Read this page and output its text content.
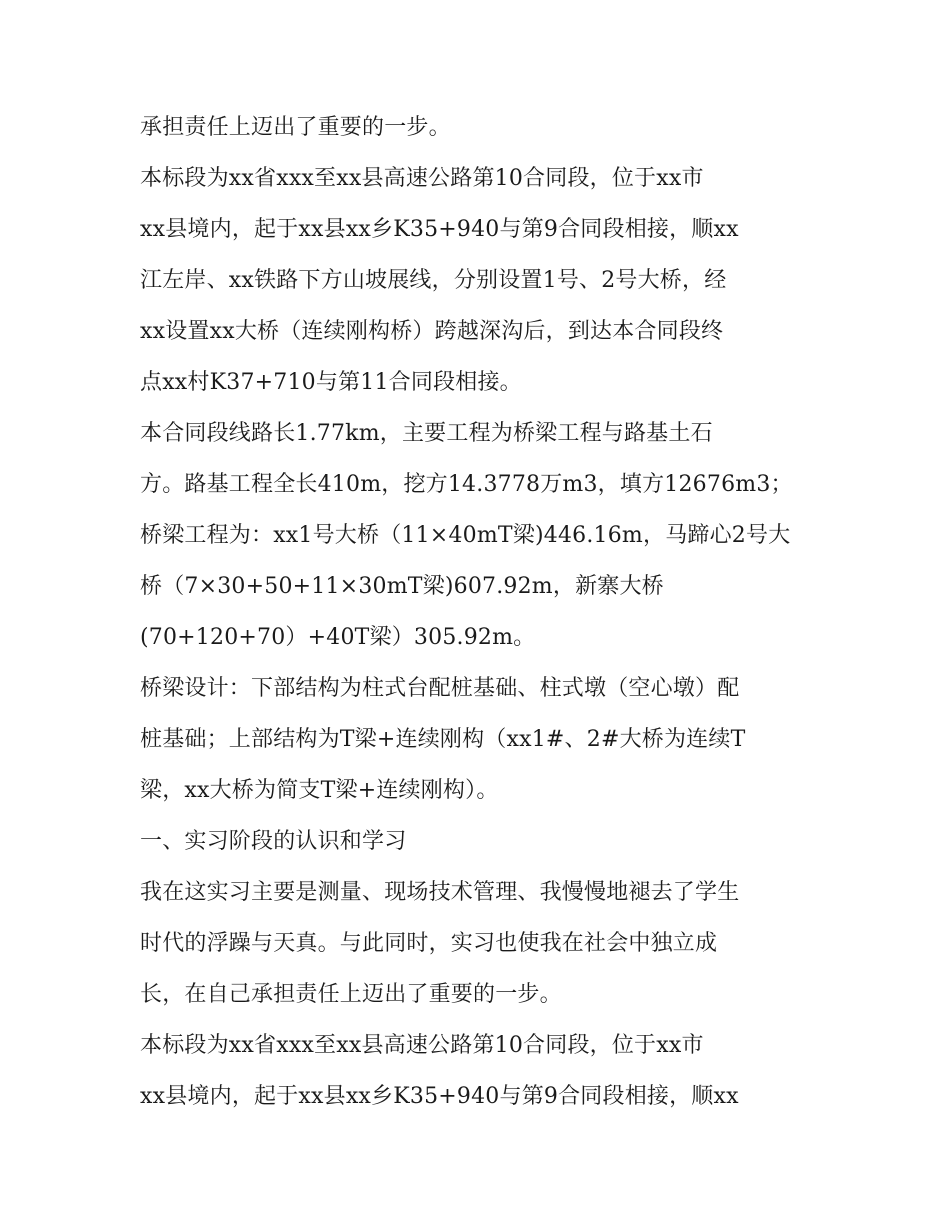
承担责任上迈出了重要的一步。
本标段为xx省xxx至xx县高速公路第10合同段，位于xx市
xx县境内，起于xx县xx乡K35+940与第9合同段相接，顺xx
江左岸、xx铁路下方山坡展线，分别设置1号、2号大桥，经
xx设置xx大桥（连续刚构桥）跨越深沟后，到达本合同段终
点xx村K37+710与第11合同段相接。
本合同段线路长1.77km，主要工程为桥梁工程与路基土石
方。路基工程全长410m，挖方14.3778万m3，填方12676m3；
桥梁工程为：xx1号大桥（11×40mT梁)446.16m，马蹄心2号大
桥（7×30+50+11×30mT梁)607.92m，新寨大桥
(70+120+70）+40T梁）305.92m。
桥梁设计：下部结构为柱式台配桩基础、柱式墩（空心墩）配
桩基础；上部结构为T梁+连续刚构（xx1#、2#大桥为连续T
梁，xx大桥为简支T梁+连续刚构）。
一、实习阶段的认识和学习
我在这实习主要是测量、现场技术管理、我慢慢地褪去了学生
时代的浮躁与天真。与此同时，实习也使我在社会中独立成
长，在自己承担责任上迈出了重要的一步。
本标段为xx省xxx至xx县高速公路第10合同段，位于xx市
xx县境内，起于xx县xx乡K35+940与第9合同段相接，顺xx
